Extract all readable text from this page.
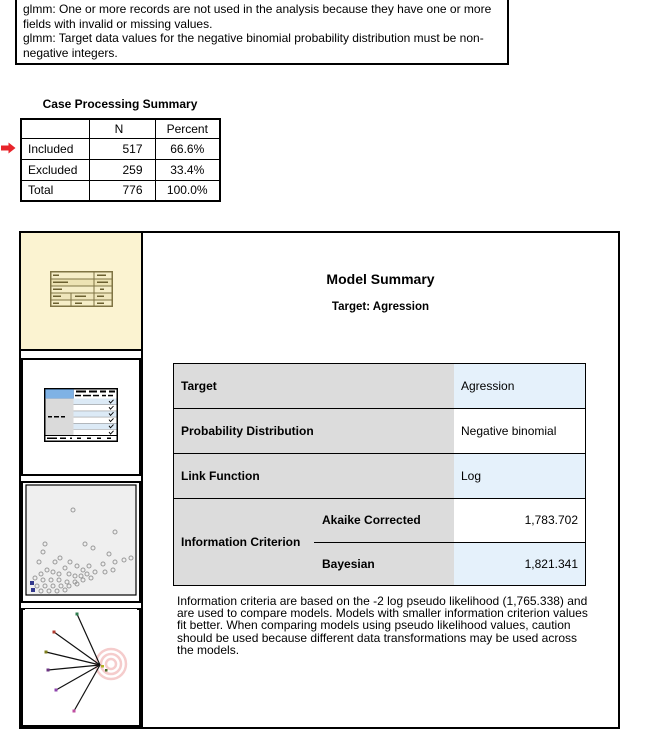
glmm: One or more records are not used in the analysis because they have one or more fields with invalid or missing values.

glmm: Target data values for the negative binomial probability distribution must be non-negative integers.

Case Processing Summary
	N	Percent
Included	517	66.6%
Excluded	259	33.4%
Total	776	100.0%
Model Summary
Target: Agression
Target	Agression
Probability Distribution	Negative binomial
Link Function	Log
Information Criterion
Akaike Corrected	1,783.702
Bayesian	1,821.341
Information criteria are based on the -2 log pseudo likelihood (1,765.338) and are used to compare models. Models with smaller information criterion values fit better. When comparing models using pseudo likelihood values, caution should be used because different data transformations may be used across the models.
